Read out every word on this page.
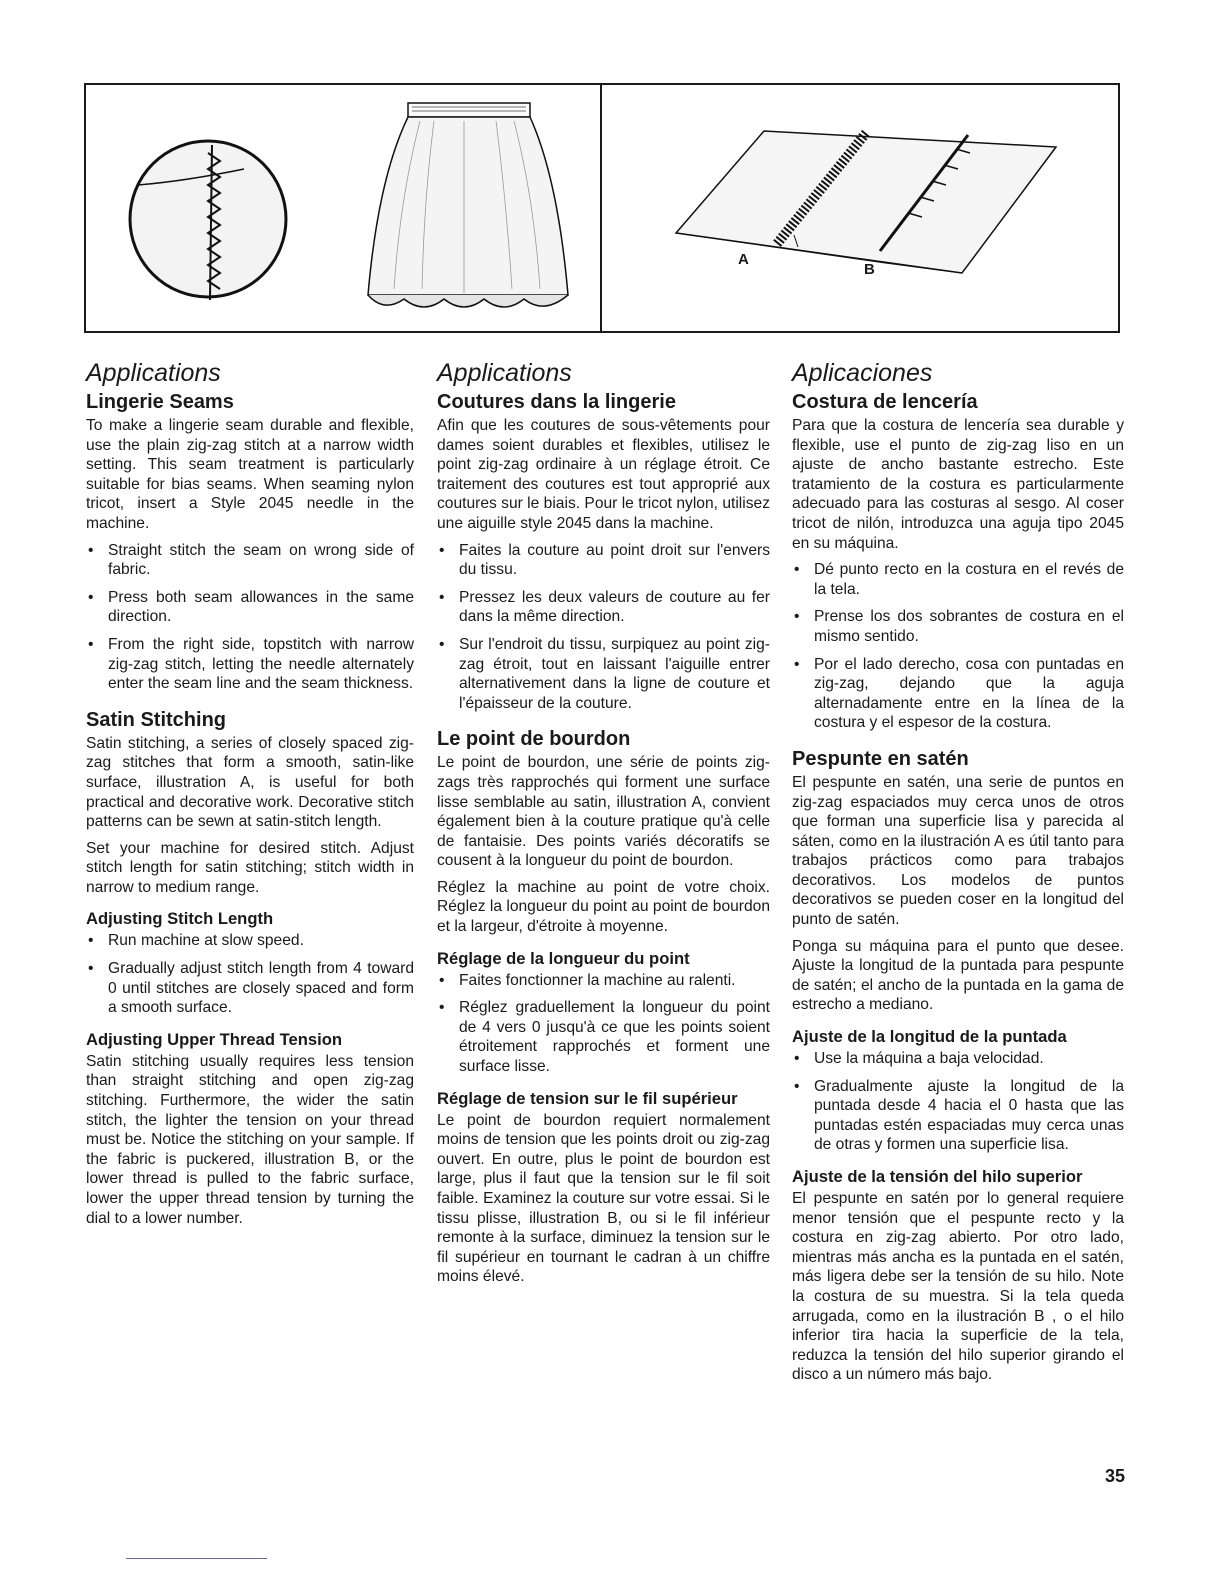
A
B
Applications
Lingerie Seams

To make a lingerie seam durable and flexible, use the plain zig-zag stitch at a narrow width setting. This seam treatment is particularly suitable for bias seams. When seaming nylon tricot, insert a Style 2045 needle in the machine.

• Straight stitch the seam on wrong side of fabric.
• Press both seam allowances in the same direction.
• From the right side, topstitch with narrow zig-zag stitch, letting the needle alternately enter the seam line and the seam thickness.
Satin Stitching

Satin stitching, a series of closely spaced zig-zag stitches that form a smooth, satin-like surface, illustration A, is useful for both practical and decorative work. Decorative stitch patterns can be sewn at satin-stitch length.

Set your machine for desired stitch. Adjust stitch length for satin stitching; stitch width in narrow to medium range.

Adjusting Stitch Length
• Run machine at slow speed.
• Gradually adjust stitch length from 4 toward 0 until stitches are closely spaced and form a smooth surface.
Adjusting Upper Thread Tension

Satin stitching usually requires less tension than straight stitching and open zig-zag stitching. Furthermore, the wider the satin stitch, the lighter the tension on your thread must be. Notice the stitching on your sample. If the fabric is puckered, illustration B, or the lower thread is pulled to the fabric surface, lower the upper thread tension by turning the dial to a lower number.

Applications
Coutures dans la lingerie

Afin que les coutures de sous-vêtements pour dames soient durables et flexibles, utilisez le point zig-zag ordinaire à un réglage étroit. Ce traitement des coutures est tout approprié aux coutures sur le biais. Pour le tricot nylon, utilisez une aiguille style 2045 dans la machine.

• Faites la couture au point droit sur l'envers du tissu.
• Pressez les deux valeurs de couture au fer dans la même direction.
• Sur l'endroit du tissu, surpiquez au point zig-zag étroit, tout en laissant l'aiguille entrer alternativement dans la ligne de couture et l'épaisseur de la couture.
Le point de bourdon

Le point de bourdon, une série de points zig-zags très rapprochés qui forment une surface lisse semblable au satin, illustration A, convient également bien à la couture pratique qu'à celle de fantaisie. Des points variés décoratifs se cousent à la longueur du point de bourdon.

Réglez la machine au point de votre choix. Réglez la longueur du point au point de bourdon et la largeur, d'étroite à moyenne.

Réglage de la longueur du point
• Faites fonctionner la machine au ralenti.
• Réglez graduellement la longueur du point de 4 vers 0 jusqu'à ce que les points soient étroitement rapprochés et forment une surface lisse.
Réglage de tension sur le fil supérieur

Le point de bourdon requiert normalement moins de tension que les points droit ou zig-zag ouvert. En outre, plus le point de bourdon est large, plus il faut que la tension sur le fil soit faible. Examinez la couture sur votre essai. Si le tissu plisse, illustration B, ou si le fil inférieur remonte à la surface, diminuez la tension sur le fil supérieur en tournant le cadran à un chiffre moins élevé.

Aplicaciones
Costura de lencería

Para que la costura de lencería sea durable y flexible, use el punto de zig-zag liso en un ajuste de ancho bastante estrecho. Este tratamiento de la costura es particularmente adecuado para las costuras al sesgo. Al coser tricot de nilón, introduzca una aguja tipo 2045 en su máquina.

• Dé punto recto en la costura en el revés de la tela.
• Prense los dos sobrantes de costura en el mismo sentido.
• Por el lado derecho, cosa con puntadas en zig-zag, dejando que la aguja alternadamente entre en la línea de la costura y el espesor de la costura.
Pespunte en satén

El pespunte en satén, una serie de puntos en zig-zag espaciados muy cerca unos de otros que forman una superficie lisa y parecida al sáten, como en la ilustración A es útil tanto para trabajos prácticos como para trabajos decorativos. Los modelos de puntos decorativos se pueden coser en la longitud del punto de satén.

Ponga su máquina para el punto que desee. Ajuste la longitud de la puntada para pespunte de satén; el ancho de la puntada en la gama de estrecho a mediano.

Ajuste de la longitud de la puntada
• Use la máquina a baja velocidad.
• Gradualmente ajuste la longitud de la puntada desde 4 hacia el 0 hasta que las puntadas estén espaciadas muy cerca unas de otras y formen una superficie lisa.
Ajuste de la tensión del hilo superior

El pespunte en satén por lo general requiere menor tensión que el pespunte recto y la costura en zig-zag abierto. Por otro lado, mientras más ancha es la puntada en el satén, más ligera debe ser la tensión de su hilo. Note la costura de su muestra. Si la tela queda arrugada, como en la ilustración B , o el hilo inferior tira hacia la superficie de la tela, reduzca la tensión del hilo superior girando el disco a un número más bajo.

35
